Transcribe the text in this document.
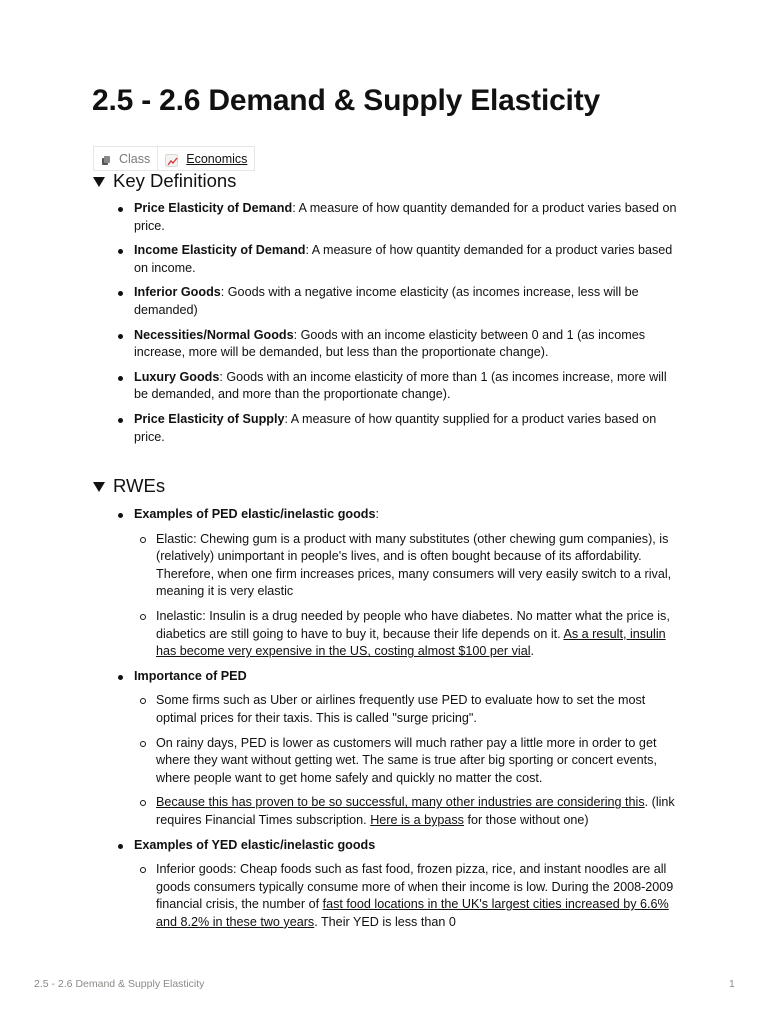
2.5 - 2.6 Demand & Supply Elasticity
Class	Economics
Key Definitions
Price Elasticity of Demand: A measure of how quantity demanded for a product varies based on price.
Income Elasticity of Demand: A measure of how quantity demanded for a product varies based on income.
Inferior Goods: Goods with a negative income elasticity (as incomes increase, less will be demanded)
Necessities/Normal Goods: Goods with an income elasticity between 0 and 1 (as incomes increase, more will be demanded, but less than the proportionate change).
Luxury Goods: Goods with an income elasticity of more than 1 (as incomes increase, more will be demanded, and more than the proportionate change).
Price Elasticity of Supply: A measure of how quantity supplied for a product varies based on price.
RWEs
Examples of PED elastic/inelastic goods:
Elastic: Chewing gum is a product with many substitutes (other chewing gum companies), is (relatively) unimportant in people's lives, and is often bought because of its affordability. Therefore, when one firm increases prices, many consumers will very easily switch to a rival, meaning it is very elastic
Inelastic: Insulin is a drug needed by people who have diabetes. No matter what the price is, diabetics are still going to have to buy it, because their life depends on it. As a result, insulin has become very expensive in the US, costing almost $100 per vial.
Importance of PED
Some firms such as Uber or airlines frequently use PED to evaluate how to set the most optimal prices for their taxis. This is called "surge pricing".
On rainy days, PED is lower as customers will much rather pay a little more in order to get where they want without getting wet. The same is true after big sporting or concert events, where people want to get home safely and quickly no matter the cost.
Because this has proven to be so successful, many other industries are considering this. (link requires Financial Times subscription. Here is a bypass for those without one)
Examples of YED elastic/inelastic goods
Inferior goods: Cheap foods such as fast food, frozen pizza, rice, and instant noodles are all goods consumers typically consume more of when their income is low. During the 2008-2009 financial crisis, the number of fast food locations in the UK's largest cities increased by 6.6% and 8.2% in these two years. Their YED is less than 0
2.5 - 2.6 Demand & Supply Elasticity	1
